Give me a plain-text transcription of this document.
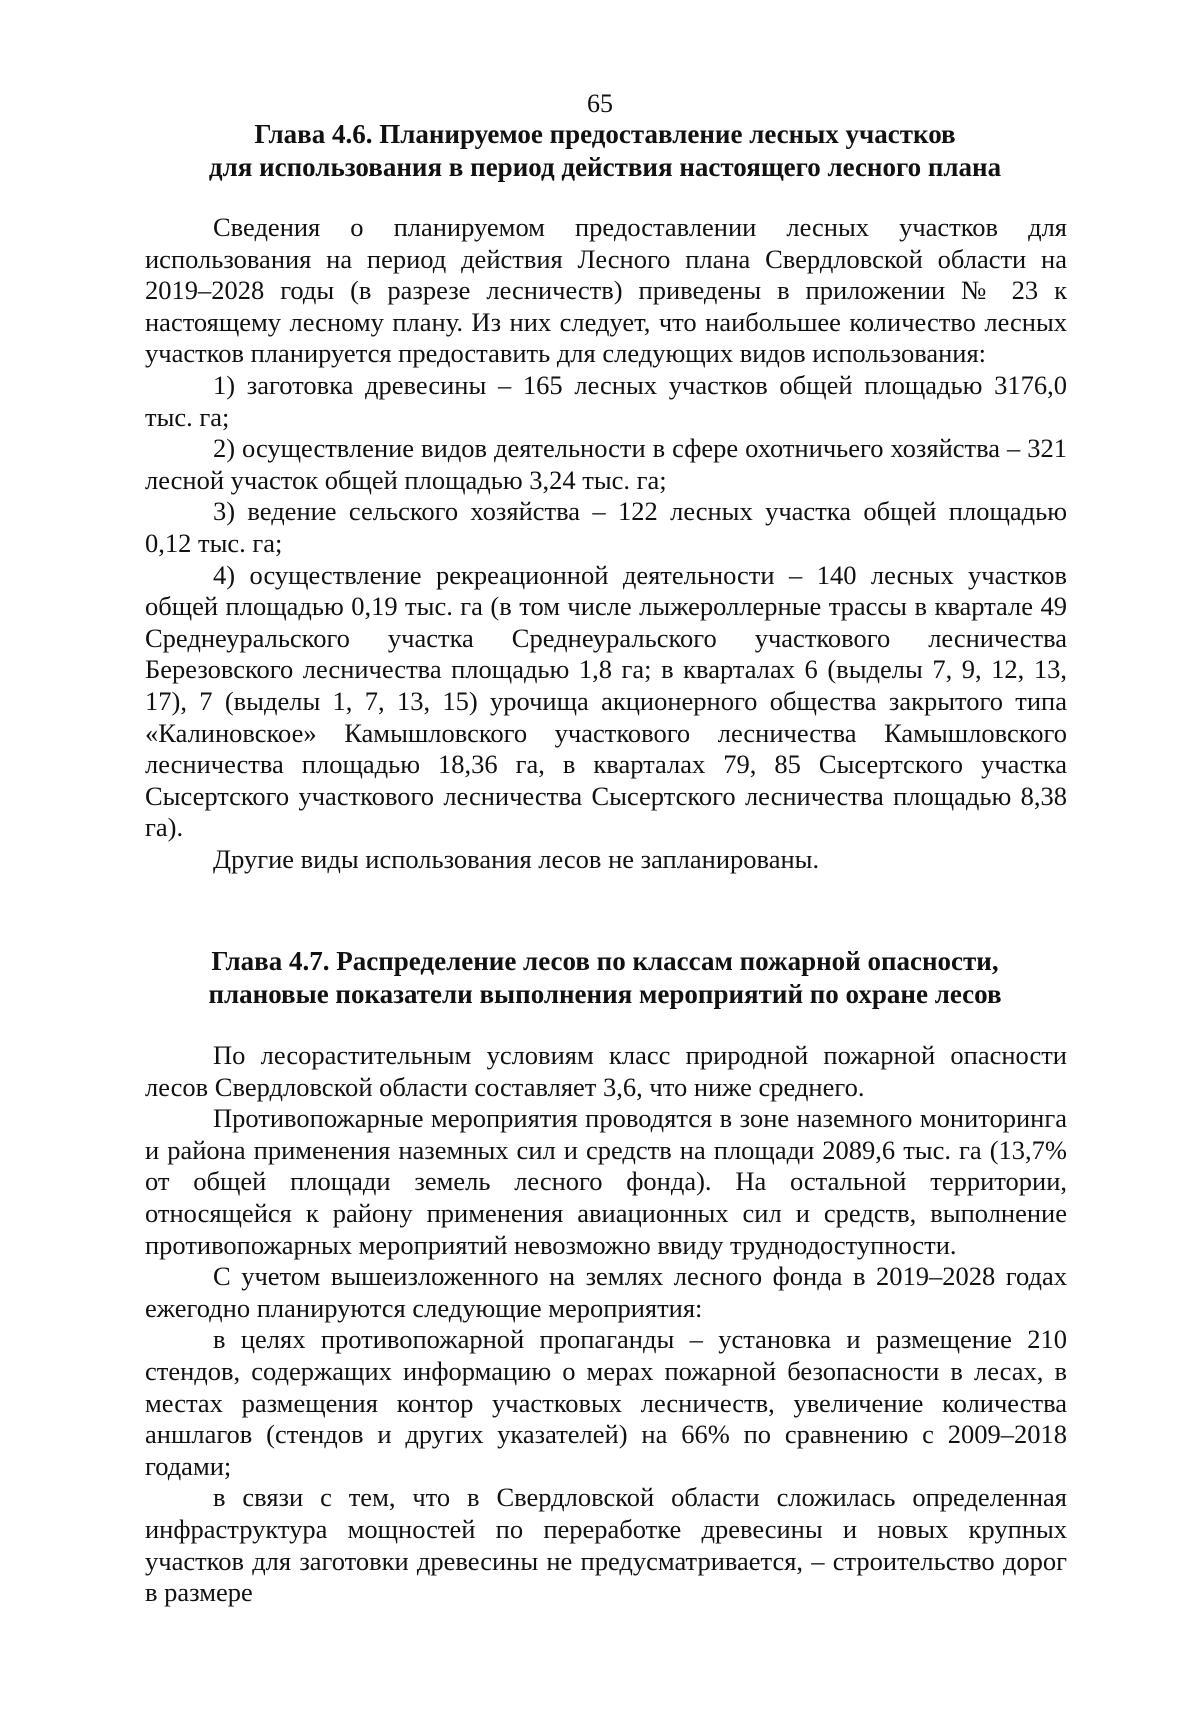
65
Глава 4.6. Планируемое предоставление лесных участков
для использования в период действия настоящего лесного плана

Сведения о планируемом предоставлении лесных участков для использования на период действия Лесного плана Свердловской области на 2019–2028 годы (в разрезе лесничеств) приведены в приложении № 23 к настоящему лесному плану. Из них следует, что наибольшее количество лесных участков планируется предоставить для следующих видов использования:

1) заготовка древесины – 165 лесных участков общей площадью 3176,0 тыс. га;

2) осуществление видов деятельности в сфере охотничьего хозяйства – 321 лесной участок общей площадью 3,24 тыс. га;

3) ведение сельского хозяйства – 122 лесных участка общей площадью 0,12 тыс. га;

4) осуществление рекреационной деятельности – 140 лесных участков общей площадью 0,19 тыс. га (в том числе лыжероллерные трассы в квартале 49 Среднеуральского участка Среднеуральского участкового лесничества Березовского лесничества площадью 1,8 га; в кварталах 6 (выделы 7, 9, 12, 13, 17), 7 (выделы 1, 7, 13, 15) урочища акционерного общества закрытого типа «Калиновское» Камышловского участкового лесничества Камышловского лесничества площадью 18,36 га, в кварталах 79, 85 Сысертского участка Сысертского участкового лесничества Сысертского лесничества площадью 8,38 га).

Другие виды использования лесов не запланированы.

Глава 4.7. Распределение лесов по классам пожарной опасности,
плановые показатели выполнения мероприятий по охране лесов

По лесорастительным условиям класс природной пожарной опасности лесов Свердловской области составляет 3,6, что ниже среднего.

Противопожарные мероприятия проводятся в зоне наземного мониторинга и района применения наземных сил и средств на площади 2089,6 тыс. га (13,7% от общей площади земель лесного фонда). На остальной территории, относящейся к району применения авиационных сил и средств, выполнение противопожарных мероприятий невозможно ввиду труднодоступности.

С учетом вышеизложенного на землях лесного фонда в 2019–2028 годах ежегодно планируются следующие мероприятия:

в целях противопожарной пропаганды – установка и размещение 210 стендов, содержащих информацию о мерах пожарной безопасности в лесах, в местах размещения контор участковых лесничеств, увеличение количества аншлагов (стендов и других указателей) на 66% по сравнению с 2009–2018 годами;

в связи с тем, что в Свердловской области сложилась определенная инфраструктура мощностей по переработке древесины и новых крупных участков для заготовки древесины не предусматривается, – строительство дорог в размере
